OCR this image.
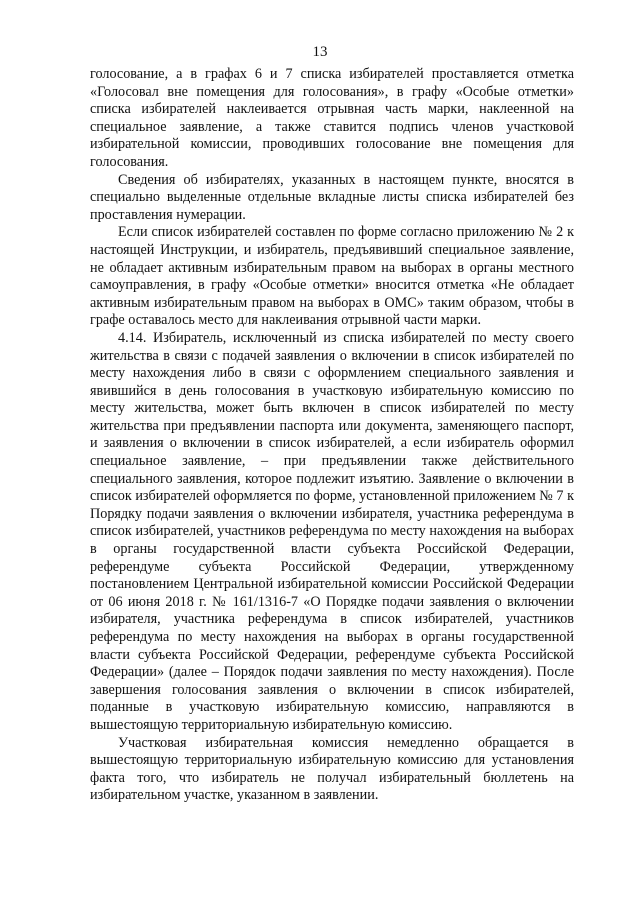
13

голосование, а в графах 6 и 7 списка избирателей проставляется отметка «Голосовал вне помещения для голосования», в графу «Особые отметки» списка избирателей наклеивается отрывная часть марки, наклеенной на специальное заявление, а также ставится подпись членов участковой избирательной комиссии, проводивших голосование вне помещения для голосования.

Сведения об избирателях, указанных в настоящем пункте, вносятся в специально выделенные отдельные вкладные листы списка избирателей без проставления нумерации.

Если список избирателей составлен по форме согласно приложению № 2 к настоящей Инструкции, и избиратель, предъявивший специальное заявление, не обладает активным избирательным правом на выборах в органы местного самоуправления, в графу «Особые отметки» вносится отметка «Не обладает активным избирательным правом на выборах в ОМС» таким образом, чтобы в графе оставалось место для наклеивания отрывной части марки.

4.14. Избиратель, исключенный из списка избирателей по месту своего жительства в связи с подачей заявления о включении в список избирателей по месту нахождения либо в связи с оформлением специального заявления и явившийся в день голосования в участковую избирательную комиссию по месту жительства, может быть включен в список избирателей по месту жительства при предъявлении паспорта или документа, заменяющего паспорт, и заявления о включении в список избирателей, а если избиратель оформил специальное заявление, – при предъявлении также действительного специального заявления, которое подлежит изъятию. Заявление о включении в список избирателей оформляется по форме, установленной приложением № 7 к Порядку подачи заявления о включении избирателя, участника референдума в список избирателей, участников референдума по месту нахождения на выборах в органы государственной власти субъекта Российской Федерации, референдуме субъекта Российской Федерации, утвержденному постановлением Центральной избирательной комиссии Российской Федерации от 06 июня 2018 г. № 161/1316-7 «О Порядке подачи заявления о включении избирателя, участника референдума в список избирателей, участников референдума по месту нахождения на выборах в органы государственной власти субъекта Российской Федерации, референдуме субъекта Российской Федерации» (далее – Порядок подачи заявления по месту нахождения). После завершения голосования заявления о включении в список избирателей, поданные в участковую избирательную комиссию, направляются в вышестоящую территориальную избирательную комиссию.

Участковая избирательная комиссия немедленно обращается в вышестоящую территориальную избирательную комиссию для установления факта того, что избиратель не получал избирательный бюллетень на избирательном участке, указанном в заявлении.
